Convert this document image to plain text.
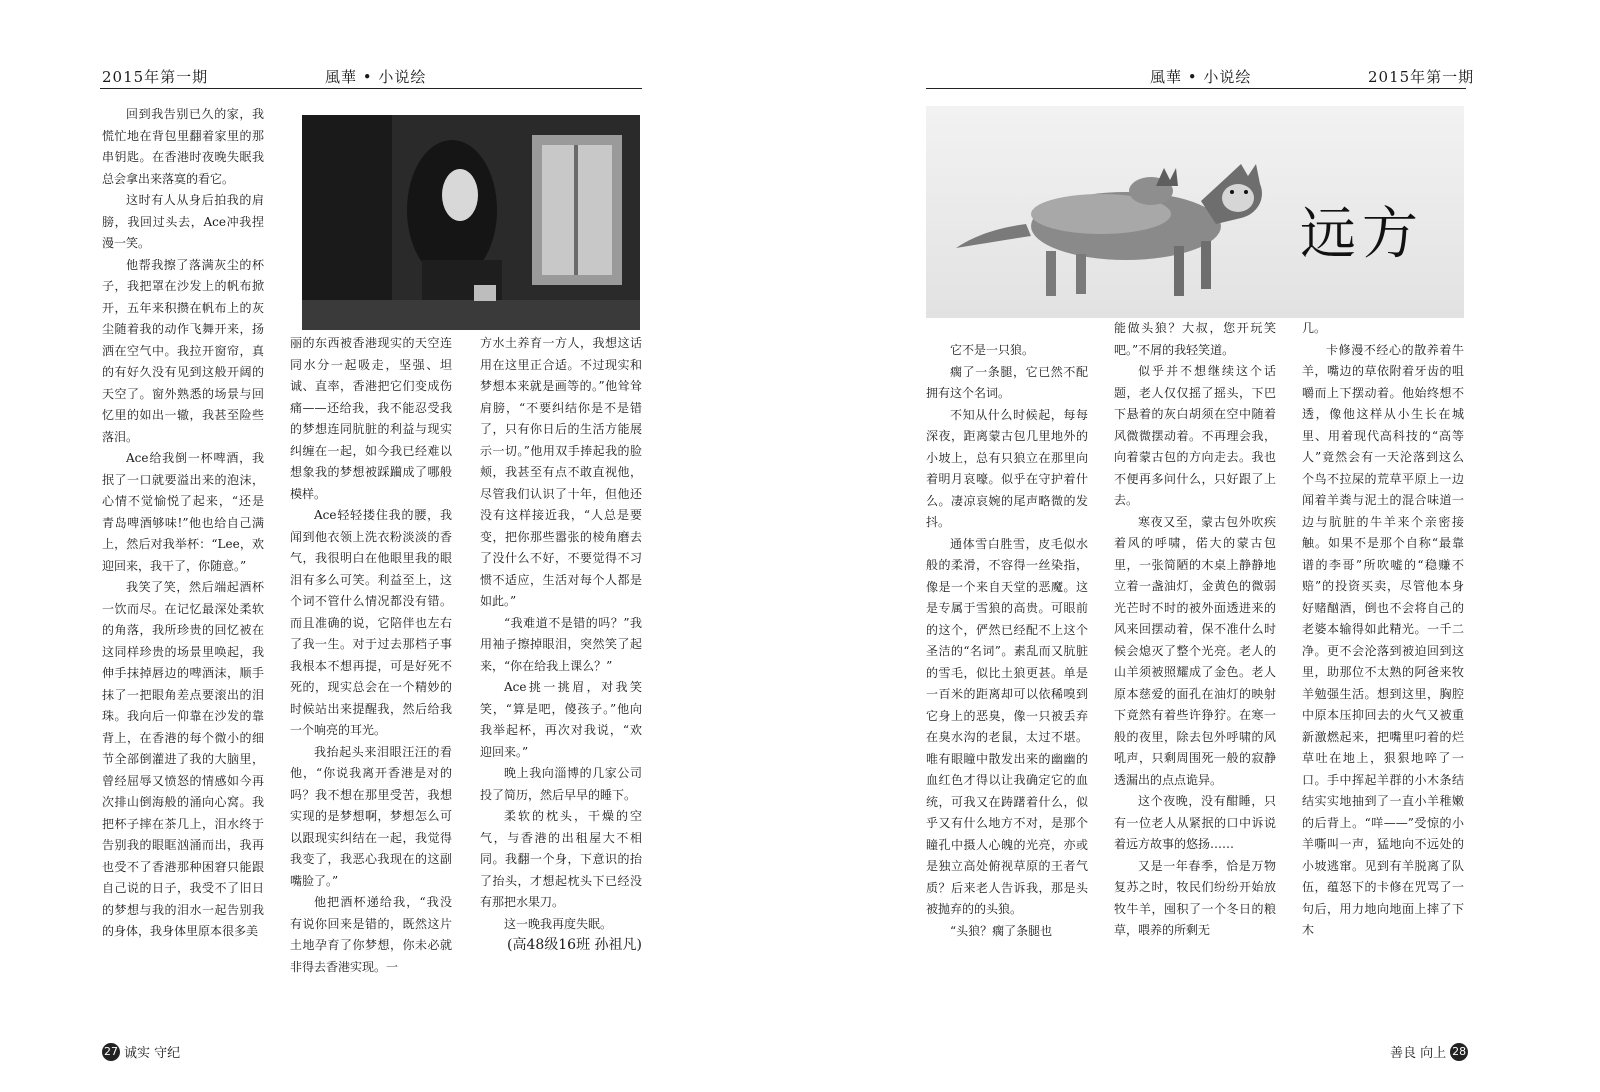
2015年第一期	風華 • 小说绘

回到我告别已久的家，我慌忙地在背包里翻着家里的那串钥匙。在香港时夜晚失眠我总会拿出来落寞的看它。

这时有人从身后拍我的肩膀，我回过头去，Ace冲我捏漫一笑。

他帮我擦了落满灰尘的杯子，我把罩在沙发上的帆布掀开，五年来积攒在帆布上的灰尘随着我的动作飞舞开来，扬洒在空气中。我拉开窗帘，真的有好久没有见到这般开阔的天空了。窗外熟悉的场景与回忆里的如出一辙，我甚至险些落泪。

Ace给我倒一杯啤酒，我抿了一口就要溢出来的泡沫，心情不觉愉悦了起来，“还是青岛啤酒够味!”他也给自己满上，然后对我举杯：“Lee，欢迎回来，我干了，你随意。”

我笑了笑，然后端起酒杯一饮而尽。在记忆最深处柔软的角落，我所珍贵的回忆被在这同样珍贵的场景里唤起，我伸手抹掉唇边的啤酒沫，顺手抹了一把眼角差点要滚出的泪珠。我向后一仰靠在沙发的靠背上，在香港的每个微小的细节全部倒灌进了我的大脑里，曾经屈辱又愤怒的情感如今再次排山倒海般的涌向心窝。我把杯子摔在茶几上，泪水终于告别我的眼眶汹涌而出，我再也受不了香港那种困窘只能跟自己说的日子，我受不了旧日的梦想与我的泪水一起告别我的身体，我身体里原本很多美

丽的东西被香港现实的天空连同水分一起吸走，坚强、坦诚、直率，香港把它们变成伤痛——还给我，我不能忍受我的梦想连同肮脏的利益与现实纠缠在一起，如今我已经难以想象我的梦想被踩躏成了哪般模样。

Ace轻轻搂住我的腰，我闻到他衣领上洗衣粉淡淡的香气，我很明白在他眼里我的眼泪有多么可笑。利益至上，这个词不管什么情况都没有错。而且准确的说，它陪伴也左右了我一生。对于过去那档子事我根本不想再提，可是好死不死的，现实总会在一个精妙的时候站出来提醒我，然后给我一个响亮的耳光。

我抬起头来泪眼汪汪的看他，“你说我离开香港是对的吗？我不想在那里受苦，我想实现的是梦想啊，梦想怎么可以跟现实纠结在一起，我觉得我变了，我恶心我现在的这副嘴脸了。”

他把酒杯递给我，“我没有说你回来是错的，既然这片土地孕育了你梦想，你未必就非得去香港实现。一

方水土养育一方人，我想这话用在这里正合适。不过现实和梦想本来就是画等的。”他耸耸肩膀，“不要纠结你是不是错了，只有你日后的生活方能展示一切。”他用双手捧起我的脸颊，我甚至有点不敢直视他，尽管我们认识了十年，但他还没有这样接近我，“人总是要变，把你那些嚣张的棱角磨去了没什么不好，不要觉得不习惯不适应，生活对每个人都是如此。”

“我难道不是错的吗？”我用袖子擦掉眼泪，突然笑了起来，“你在给我上课么？”

Ace挑一挑眉，对我笑笑，“算是吧，傻孩子。”他向我举起杯，再次对我说，“欢迎回来。”

晚上我向淄博的几家公司投了简历，然后早早的睡下。

柔软的枕头，干燥的空气，与香港的出租屋大不相同。我翻一个身，下意识的抬了抬头，才想起枕头下已经没有那把水果刀。

这一晚我再度失眠。

(高48级16班 孙祖凡)

27 诚实 守纪
風華 • 小说绘	2015年第一期
远方

它不是一只狼。

瘸了一条腿，它已然不配拥有这个名词。

不知从什么时候起，每每深夜，距离蒙古包几里地外的小坡上，总有只狼立在那里向着明月哀嚎。似乎在守护着什么。凄凉哀婉的尾声略微的发抖。

通体雪白胜雪，皮毛似水般的柔滑，不容得一丝染指，像是一个来自天堂的恶魔。这是专属于雪狼的高贵。可眼前的这个，俨然已经配不上这个圣洁的“名词”。素乱而又肮脏的雪毛，似比土狼更甚。单是一百米的距离却可以依稀嗅到它身上的恶臭，像一只被丢弃在臭水沟的老鼠，太过不堪。唯有眼瞳中散发出来的幽幽的血红色才得以让我确定它的血统，可我又在踌躇着什么，似乎又有什么地方不对，是那个瞳孔中摄人心魄的光亮，亦或是独立高处俯视草原的王者气质？后来老人告诉我，那是头被抛弃的的头狼。

“头狼？瘸了条腿也

能做头狼？大叔，您开玩笑吧。”不屑的我轻笑道。

似乎并不想继续这个话题，老人仅仅摇了摇头，下巴下悬着的灰白胡须在空中随着风微微摆动着。不再理会我，向着蒙古包的方向走去。我也不便再多问什么，只好跟了上去。

寒夜又至，蒙古包外吹疾着风的呼啸，偌大的蒙古包里，一张简陋的木桌上静静地立着一盏油灯，金黄色的微弱光芒时不时的被外面透进来的风来回摆动着，保不准什么时候会熄灭了整个光亮。老人的山羊须被照耀成了金色。老人原本慈爱的面孔在油灯的映射下竟然有着些许狰狞。在寒一般的夜里，除去包外呼啸的风吼声，只剩周围死一般的寂静透漏出的点点诡异。

这个夜晚，没有酣睡，只有一位老人从紧抿的口中诉说着远方故事的悠扬……

又是一年春季，恰是万物复苏之时，牧民们纷纷开始放牧牛羊，囤积了一个冬日的粮草，喂养的所剩无

几。

卡修漫不经心的散养着牛羊，嘴边的草依附着牙齿的咀嚼而上下摆动着。他始终想不透，像他这样从小生长在城里、用着现代高科技的“高等人”竟然会有一天沦落到这么个鸟不拉屎的荒草平原上一边闻着羊粪与泥土的混合味道一边与肮脏的牛羊来个亲密接触。如果不是那个自称“最靠谱的李哥”所吹嘘的“稳赚不赔”的投资买卖，尽管他本身好赌酗酒，倒也不会将自己的老婆本输得如此精光。一千二净。更不会沦落到被迫回到这里，助那位不太熟的阿爸来牧羊勉强生活。想到这里，胸腔中原本压抑回去的火气又被重新激燃起来，把嘴里叼着的烂草吐在地上，狠狠地啐了一口。手中挥起羊群的小木条结结实实地抽到了一直小羊稚嫩的后背上。“咩——”受惊的小羊嘶叫一声，猛地向不远处的小坡逃窜。见到有羊脱离了队伍，蕴怒下的卡修在咒骂了一句后，用力地向地面上摔了下木

善良 向上 28
